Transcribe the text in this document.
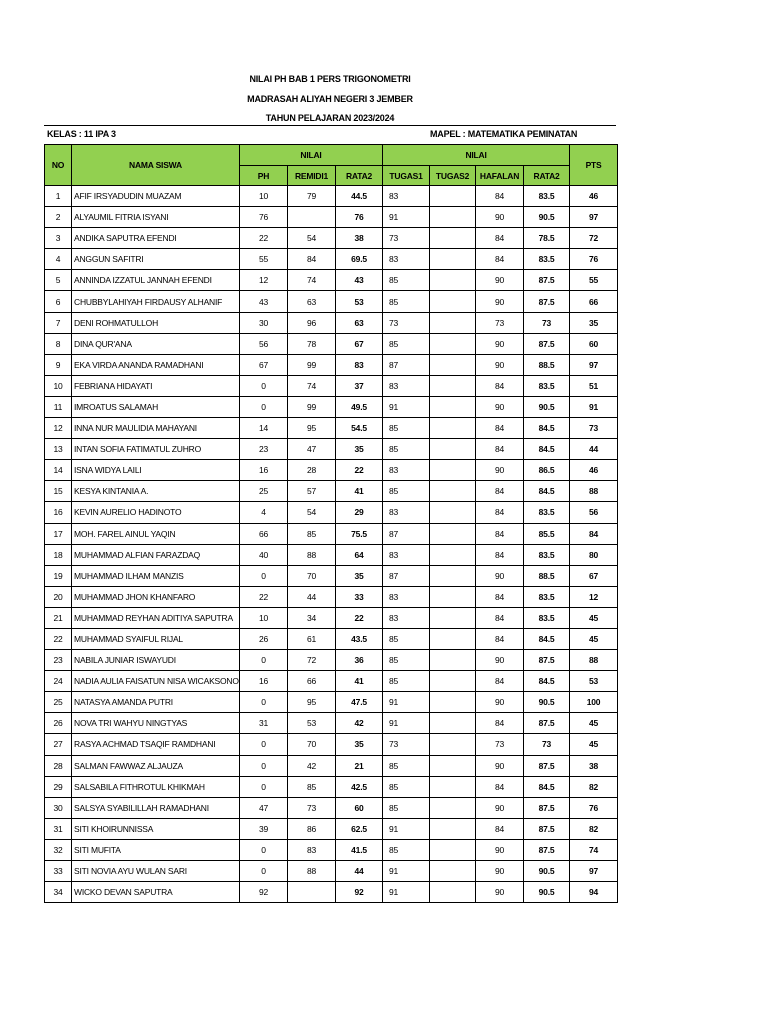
NILAI PH BAB 1 PERS TRIGONOMETRI
MADRASAH ALIYAH NEGERI 3 JEMBER
TAHUN PELAJARAN 2023/2024
KELAS : 11 IPA 3	MAPEL : MATEMATIKA PEMINATAN
NO	NAMA SISWA	NILAI			NILAI				PTS
		PH	REMIDI1	RATA2	TUGAS1	TUGAS2	HAFALAN	RATA2	
1	AFIF IRSYADUDIN MUAZAM	10	79	44.5	83		84	83.5	46
2	ALYAUMIL FITRIA ISYANI	76		76	91		90	90.5	97
3	ANDIKA SAPUTRA EFENDI	22	54	38	73		84	78.5	72
4	ANGGUN SAFITRI	55	84	69.5	83		84	83.5	76
5	ANNINDA IZZATUL JANNAH EFENDI	12	74	43	85		90	87.5	55
6	CHUBBYLAHIYAH FIRDAUSY ALHANIF	43	63	53	85		90	87.5	66
7	DENI ROHMATULLOH	30	96	63	73		73	73	35
8	DINA QUR'ANA	56	78	67	85		90	87.5	60
9	EKA VIRDA ANANDA RAMADHANI	67	99	83	87		90	88.5	97
10	FEBRIANA HIDAYATI	0	74	37	83		84	83.5	51
11	IMROATUS SALAMAH	0	99	49.5	91		90	90.5	91
12	INNA NUR MAULIDIA MAHAYANI	14	95	54.5	85		84	84.5	73
13	INTAN SOFIA FATIMATUL ZUHRO	23	47	35	85		84	84.5	44
14	ISNA WIDYA LAILI	16	28	22	83		90	86.5	46
15	KESYA KINTANIA A.	25	57	41	85		84	84.5	88
16	KEVIN AURELIO HADINOTO	4	54	29	83		84	83.5	56
17	MOH. FAREL AINUL YAQIN	66	85	75.5	87		84	85.5	84
18	MUHAMMAD ALFIAN FARAZDAQ	40	88	64	83		84	83.5	80
19	MUHAMMAD ILHAM MANZIS	0	70	35	87		90	88.5	67
20	MUHAMMAD JHON KHANFARO	22	44	33	83		84	83.5	12
21	MUHAMMAD REYHAN ADITIYA SAPUTRA	10	34	22	83		84	83.5	45
22	MUHAMMAD SYAIFUL RIJAL	26	61	43.5	85		84	84.5	45
23	NABILA JUNIAR ISWAYUDI	0	72	36	85		90	87.5	88
24	NADIA AULIA FAISATUN NISA WICAKSONO	16	66	41	85		84	84.5	53
25	NATASYA AMANDA PUTRI	0	95	47.5	91		90	90.5	100
26	NOVA TRI WAHYU NINGTYAS	31	53	42	91		84	87.5	45
27	RASYA ACHMAD TSAQIF RAMDHANI	0	70	35	73		73	73	45
28	SALMAN FAWWAZ ALJAUZA	0	42	21	85		90	87.5	38
29	SALSABILA FITHROTUL KHIKMAH	0	85	42.5	85		84	84.5	82
30	SALSYA SYABILILLAH RAMADHANI	47	73	60	85		90	87.5	76
31	SITI KHOIRUNNISSA	39	86	62.5	91		84	87.5	82
32	SITI MUFITA	0	83	41.5	85		90	87.5	74
33	SITI NOVIA AYU WULAN SARI	0	88	44	91		90	90.5	97
34	WICKO DEVAN SAPUTRA	92		92	91		90	90.5	94
